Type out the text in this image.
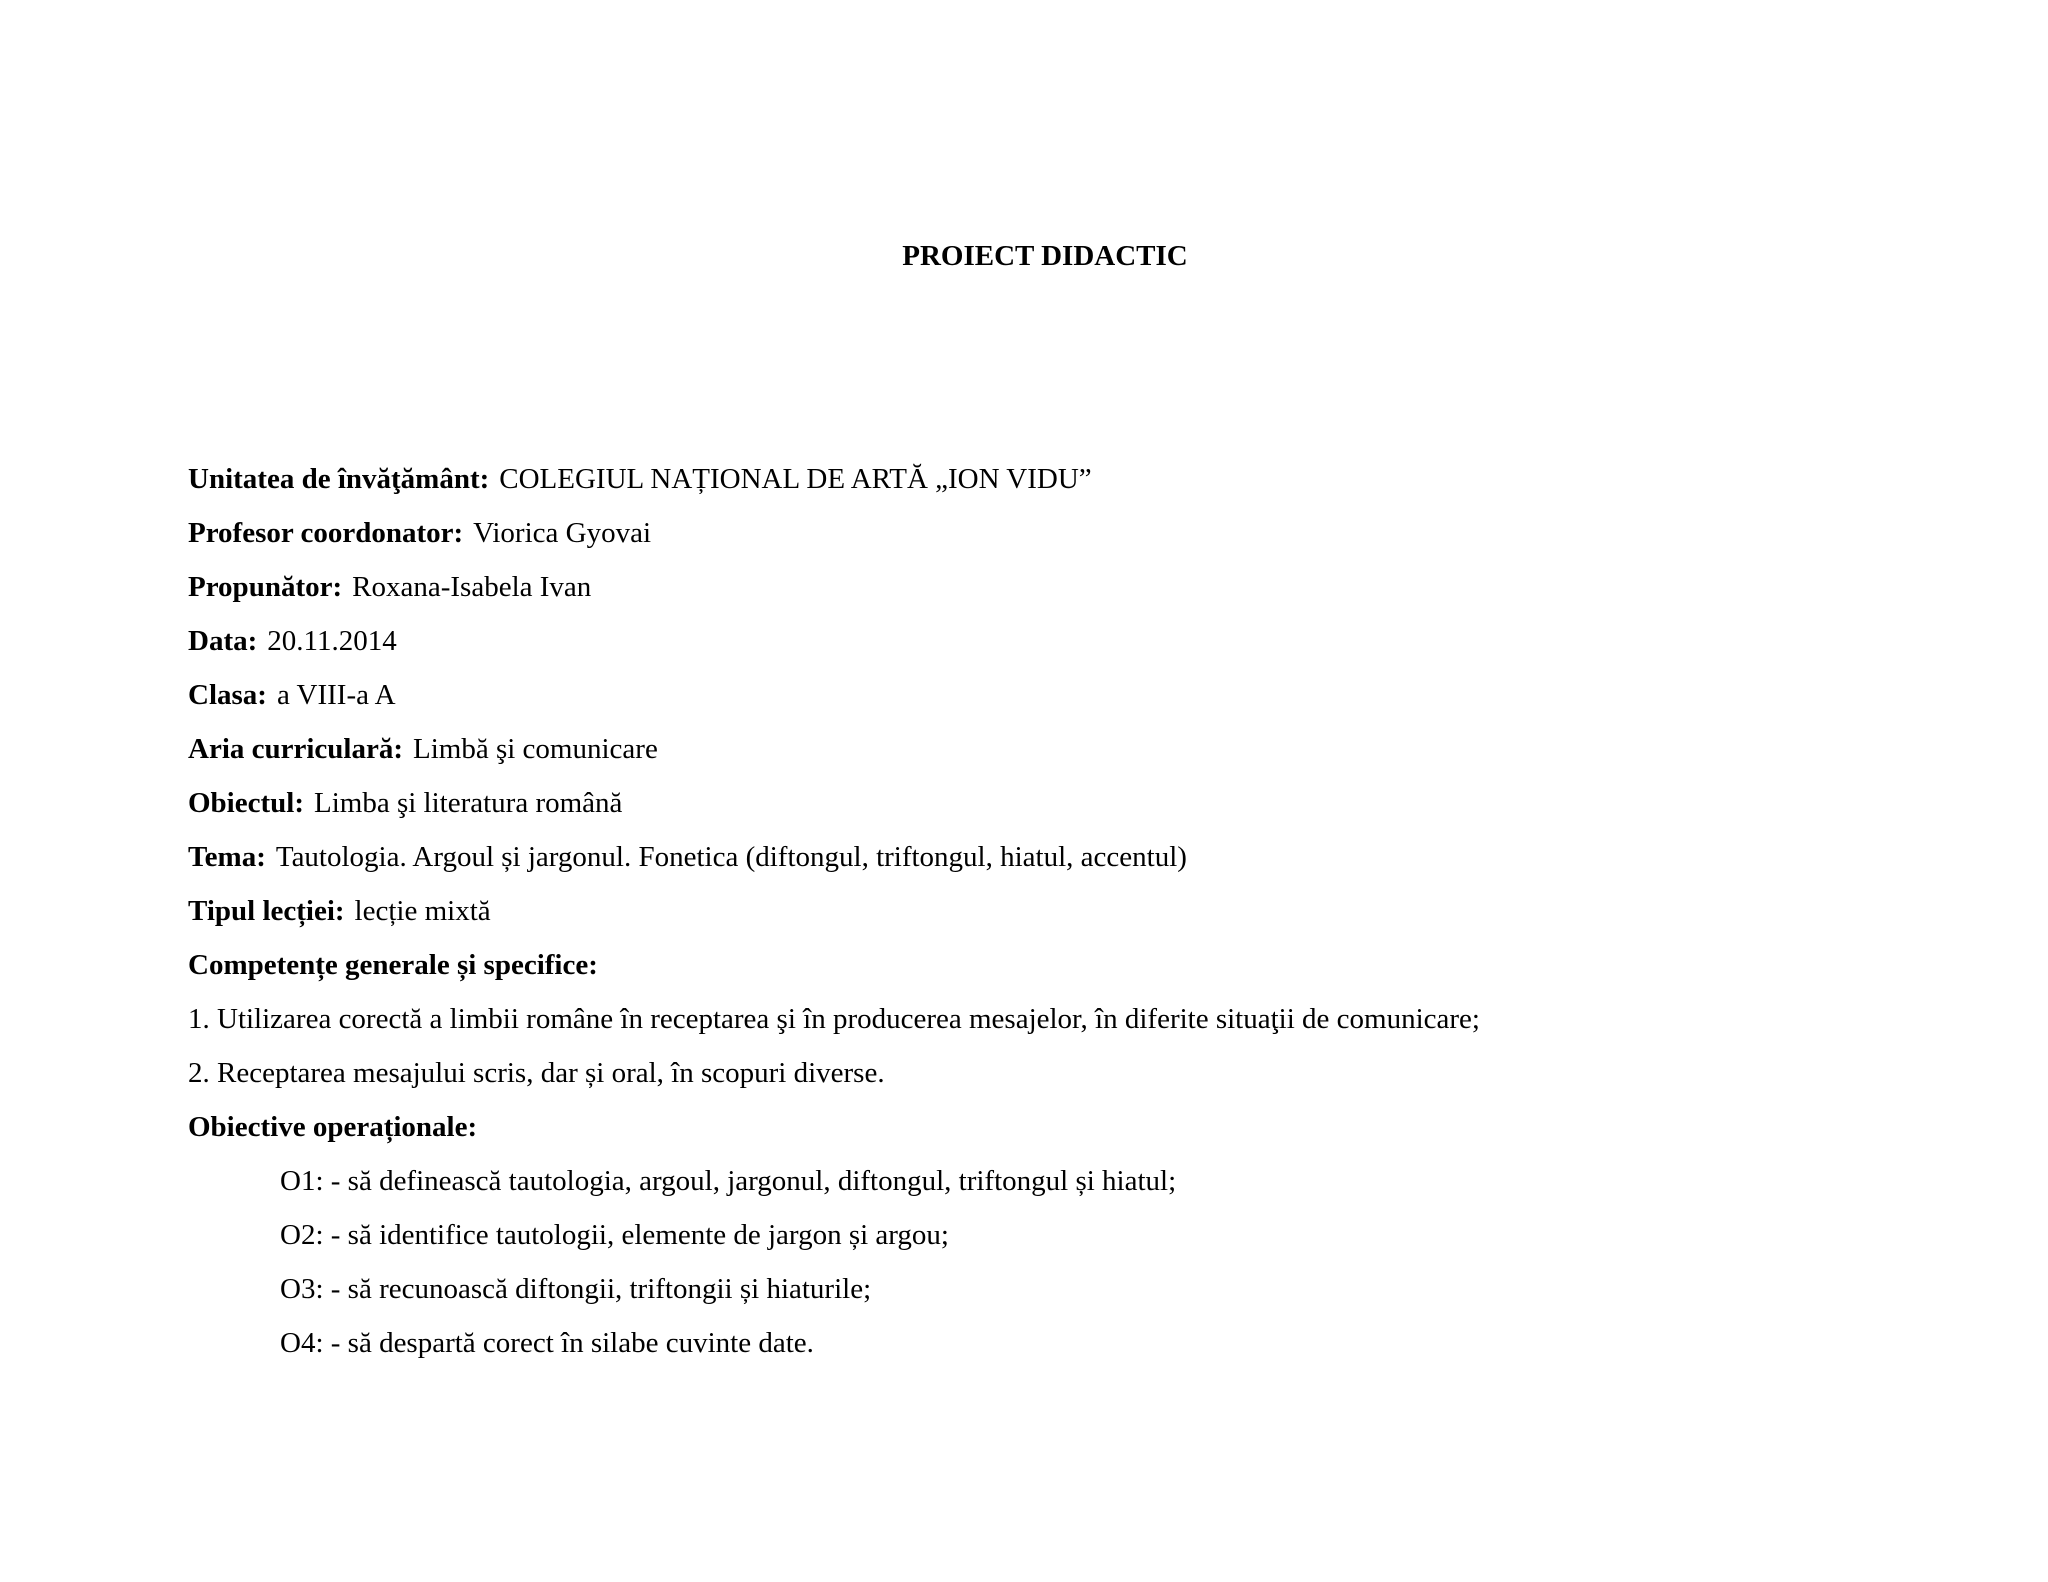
PROIECT DIDACTIC
Unitatea de învăţământ: COLEGIUL NAȚIONAL DE ARTĂ „ION VIDU”
Profesor coordonator: Viorica Gyovai
Propunător: Roxana-Isabela Ivan
Data: 20.11.2014
Clasa: a VIII-a A
Aria curriculară: Limbă şi comunicare
Obiectul: Limba şi literatura română
Tema: Tautologia. Argoul și jargonul. Fonetica (diftongul, triftongul, hiatul, accentul)
Tipul lecției: lecție mixtă
Competențe generale și specifice:
1. Utilizarea corectă a limbii române în receptarea şi în producerea mesajelor, în diferite situaţii de comunicare;
2. Receptarea mesajului scris, dar și oral, în scopuri diverse.
Obiective operaționale:
O1: - să definească tautologia, argoul, jargonul, diftongul, triftongul și hiatul;
O2: - să identifice tautologii, elemente de jargon și argou;
O3: - să recunoască diftongii, triftongii și hiaturile;
O4: - să despartă corect în silabe cuvinte date.
